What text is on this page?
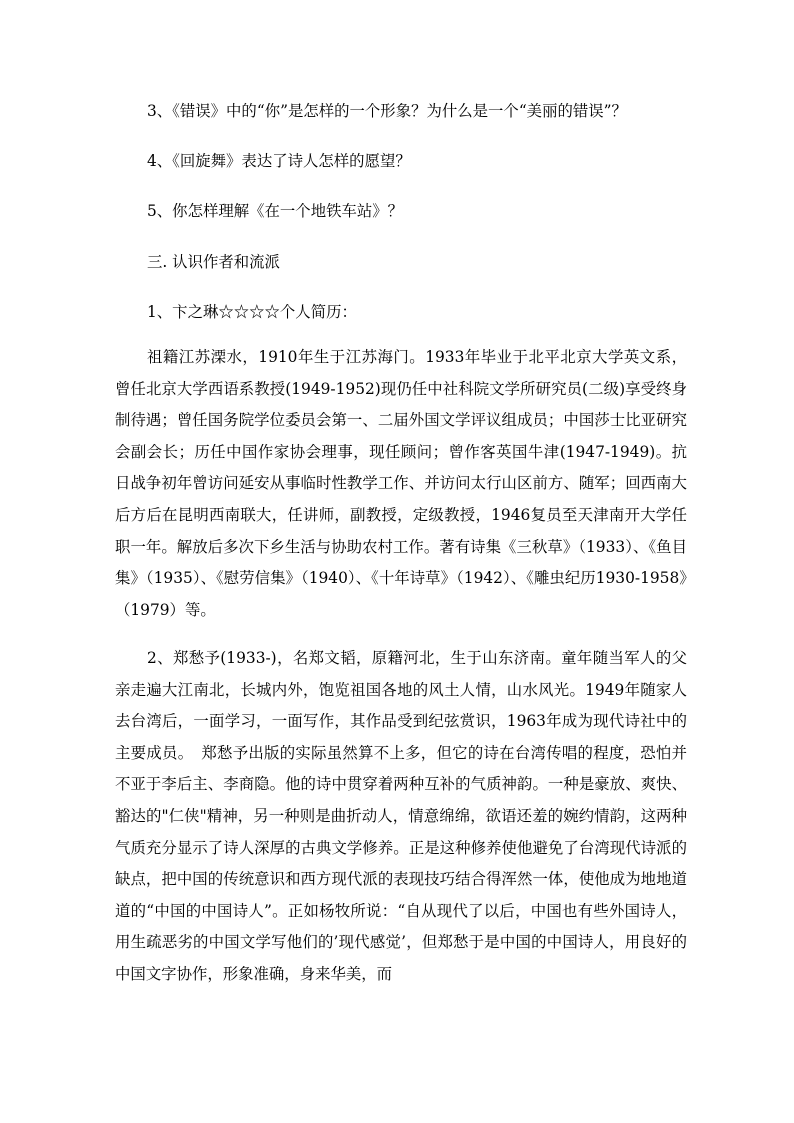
3、《错误》中的“你”是怎样的一个形象？为什么是一个“美丽的错误”？
4、《回旋舞》表达了诗人怎样的愿望？
5、你怎样理解《在一个地铁车站》？
三. 认识作者和流派
1、卞之琳☆☆☆☆个人简历：

祖籍江苏溧水，1910年生于江苏海门。1933年毕业于北平北京大学英文系，曾任北京大学西语系教授(1949-1952)现仍任中社科院文学所研究员(二级)享受终身制待遇；曾任国务院学位委员会第一、二届外国文学评议组成员；中国莎士比亚研究会副会长；历任中国作家协会理事，现任顾问；曾作客英国牛津(1947-1949)。抗日战争初年曾访问延安从事临时性教学工作、并访问太行山区前方、随军；回西南大后方后在昆明西南联大，任讲师，副教授，定级教授，1946复员至天津南开大学任职一年。解放后多次下乡生活与协助农村工作。著有诗集《三秋草》（1933）、《鱼目集》（1935）、《慰劳信集》（1940）、《十年诗草》（1942）、《雕虫纪历1930-1958》（1979）等。

2、郑愁予(1933-)，名郑文韬，原籍河北，生于山东济南。童年随当军人的父亲走遍大江南北，长城内外，饱览祖国各地的风土人情，山水风光。1949年随家人去台湾后，一面学习，一面写作，其作品受到纪弦赏识，1963年成为现代诗社中的主要成员。　郑愁予出版的实际虽然算不上多，但它的诗在台湾传唱的程度，恐怕并不亚于李后主、李商隐。他的诗中贯穿着两种互补的气质神韵。一种是豪放、爽快、豁达的"仁侠"精神，另一种则是曲折动人，情意绵绵，欲语还羞的婉约情韵，这两种气质充分显示了诗人深厚的古典文学修养。正是这种修养使他避免了台湾现代诗派的缺点，把中国的传统意识和西方现代派的表现技巧结合得浑然一体，使他成为地地道道的“中国的中国诗人”。正如杨牧所说：“自从现代了以后，中国也有些外国诗人，用生疏恶劣的中国文学写他们的’现代感觉’，但郑愁于是中国的中国诗人，用良好的中国文字协作，形象准确，身来华美，而
